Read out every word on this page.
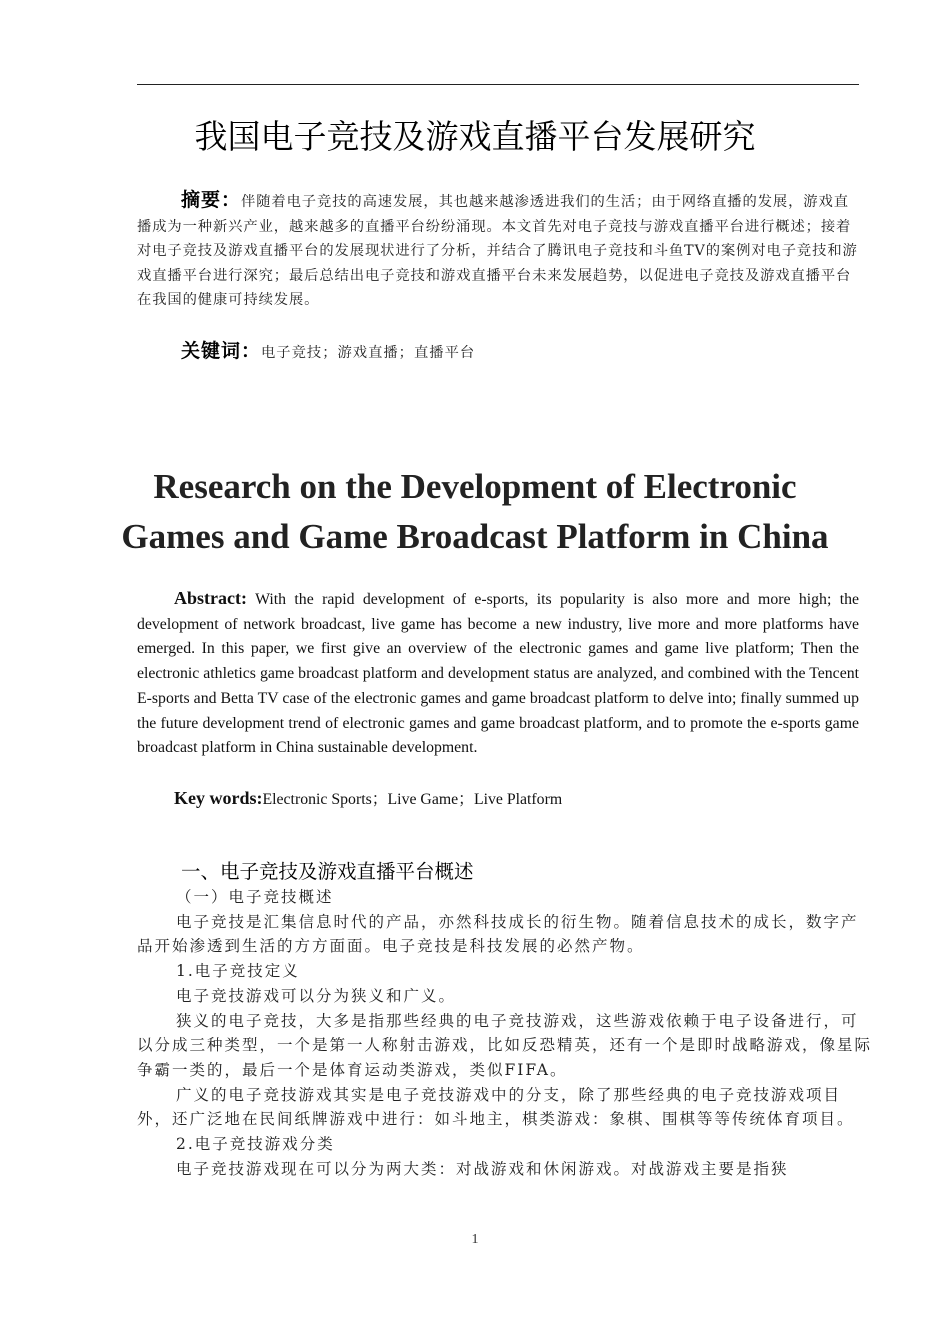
我国电子竞技及游戏直播平台发展研究
摘要：伴随着电子竞技的高速发展，其也越来越渗透进我们的生活；由于网络直播的发展，游戏直播成为一种新兴产业，越来越多的直播平台纷纷涌现。本文首先对电子竞技与游戏直播平台进行概述；接着对电子竞技及游戏直播平台的发展现状进行了分析，并结合了腾讯电子竞技和斗鱼TV的案例对电子竞技和游戏直播平台进行深究；最后总结出电子竞技和游戏直播平台未来发展趋势，以促进电子竞技及游戏直播平台在我国的健康可持续发展。
关键词：电子竞技；游戏直播；直播平台
Research on the Development of Electronic
Games and Game Broadcast Platform in China
Abstract: With the rapid development of e-sports, its popularity is also more and more high; the development of network broadcast, live game has become a new industry, live more and more platforms have emerged. In this paper, we first give an overview of the electronic games and game live platform; Then the electronic athletics game broadcast platform and development status are analyzed, and combined with the Tencent E-sports and Betta TV case of the electronic games and game broadcast platform to delve into; finally summed up the future development trend of electronic games and game broadcast platform, and to promote the e-sports game broadcast platform in China sustainable development.
Key words:Electronic Sports；Live Game；Live Platform
一、电子竞技及游戏直播平台概述

（一）电子竞技概述

电子竞技是汇集信息时代的产品，亦然科技成长的衍生物。随着信息技术的成长，数字产品开始渗透到生活的方方面面。电子竞技是科技发展的必然产物。

1.电子竞技定义

电子竞技游戏可以分为狭义和广义。

狭义的电子竞技，大多是指那些经典的电子竞技游戏，这些游戏依赖于电子设备进行，可以分成三种类型，一个是第一人称射击游戏，比如反恐精英，还有一个是即时战略游戏，像星际争霸一类的，最后一个是体育运动类游戏，类似FIFA。

广义的电子竞技游戏其实是电子竞技游戏中的分支，除了那些经典的电子竞技游戏项目外，还广泛地在民间纸牌游戏中进行：如斗地主，棋类游戏：象棋、围棋等等传统体育项目。

2.电子竞技游戏分类

电子竞技游戏现在可以分为两大类：对战游戏和休闲游戏。对战游戏主要是指狭

1
